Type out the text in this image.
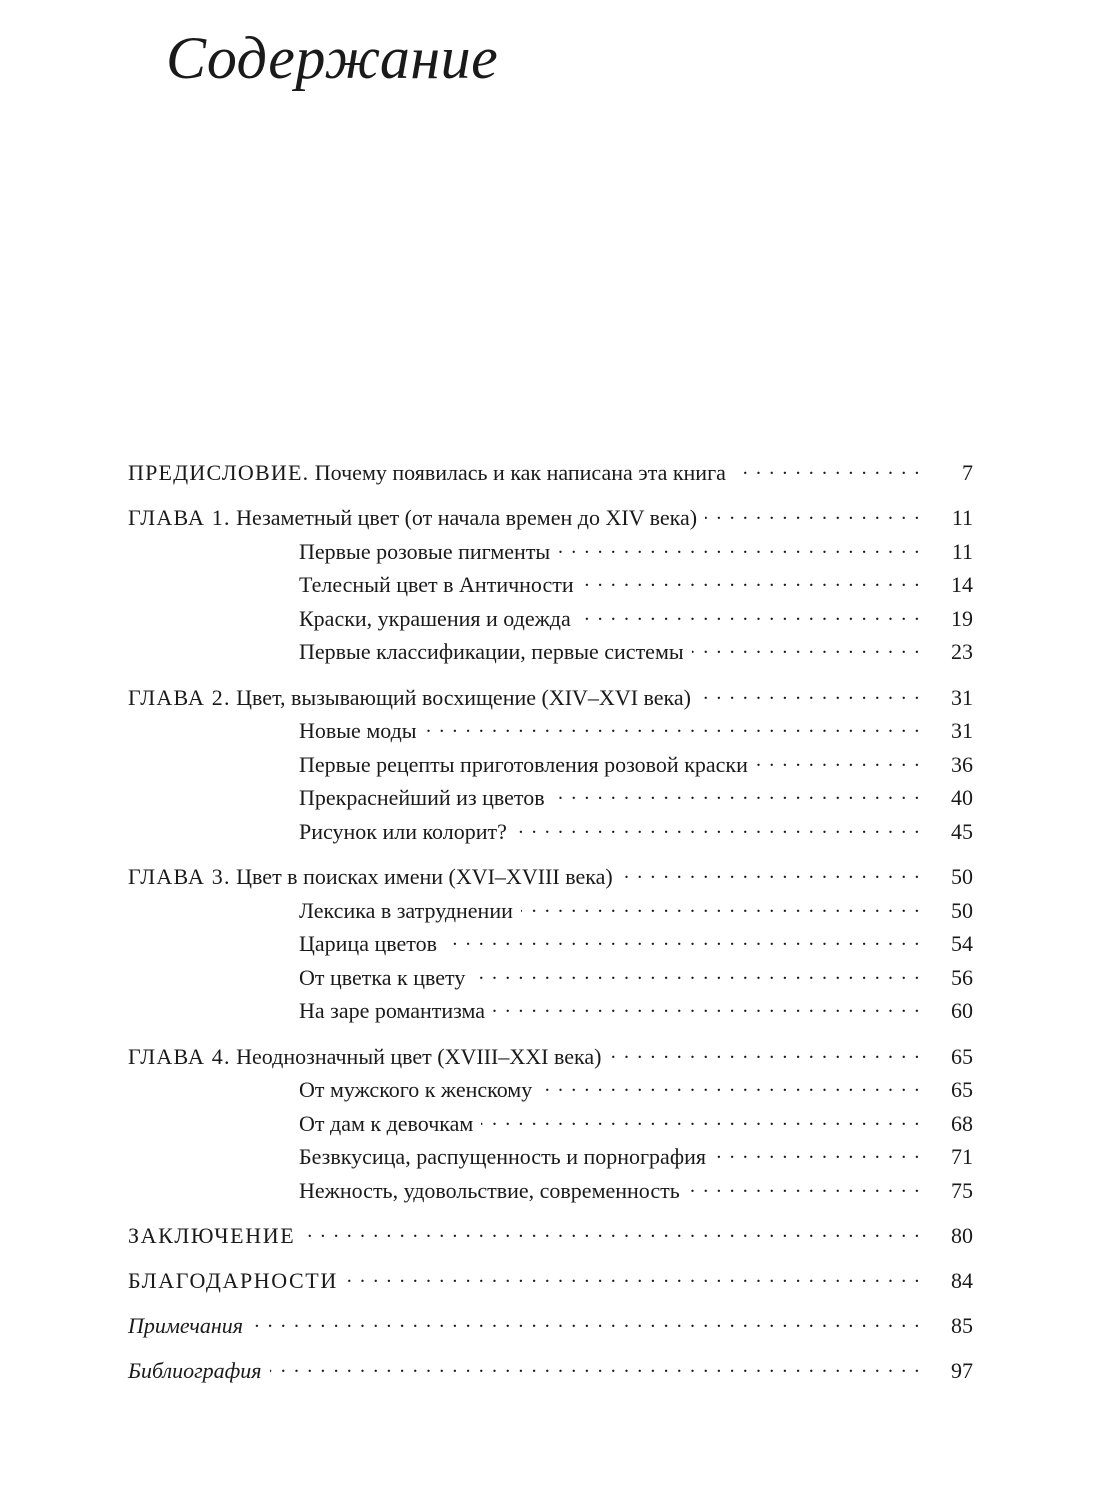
Содержание
ПРЕДИСЛОВИЕ. Почему появилась и как написана эта книга . . .	7
ГЛАВА 1. Незаметный цвет (от начала времен до XIV века) . . .	11
Первые розовые пигменты . . .	11
Телесный цвет в Античности . . .	14
Краски, украшения и одежда . . .	19
Первые классификации, первые системы . . .	23
ГЛАВА 2. Цвет, вызывающий восхищение (XIV–XVI века) . . .	31
Новые моды . . .	31
Первые рецепты приготовления розовой краски . . .	36
Прекраснейший из цветов . . .	40
Рисунок или колорит? . . .	45
ГЛАВА 3. Цвет в поисках имени (XVI–XVIII века) . . .	50
Лексика в затруднении . . .	50
Царица цветов . . .	54
От цветка к цвету . . .	56
На заре романтизма . . .	60
ГЛАВА 4. Неоднозначный цвет (XVIII–XXI века) . . .	65
От мужского к женскому . . .	65
От дам к девочкам . . .	68
Безвкусица, распущенность и порнография . . .	71
Нежность, удовольствие, современность . . .	75
ЗАКЛЮЧЕНИЕ . . .	80
БЛАГОДАРНОСТИ . . .	84
Примечания . . .	85
Библиография . . .	97
